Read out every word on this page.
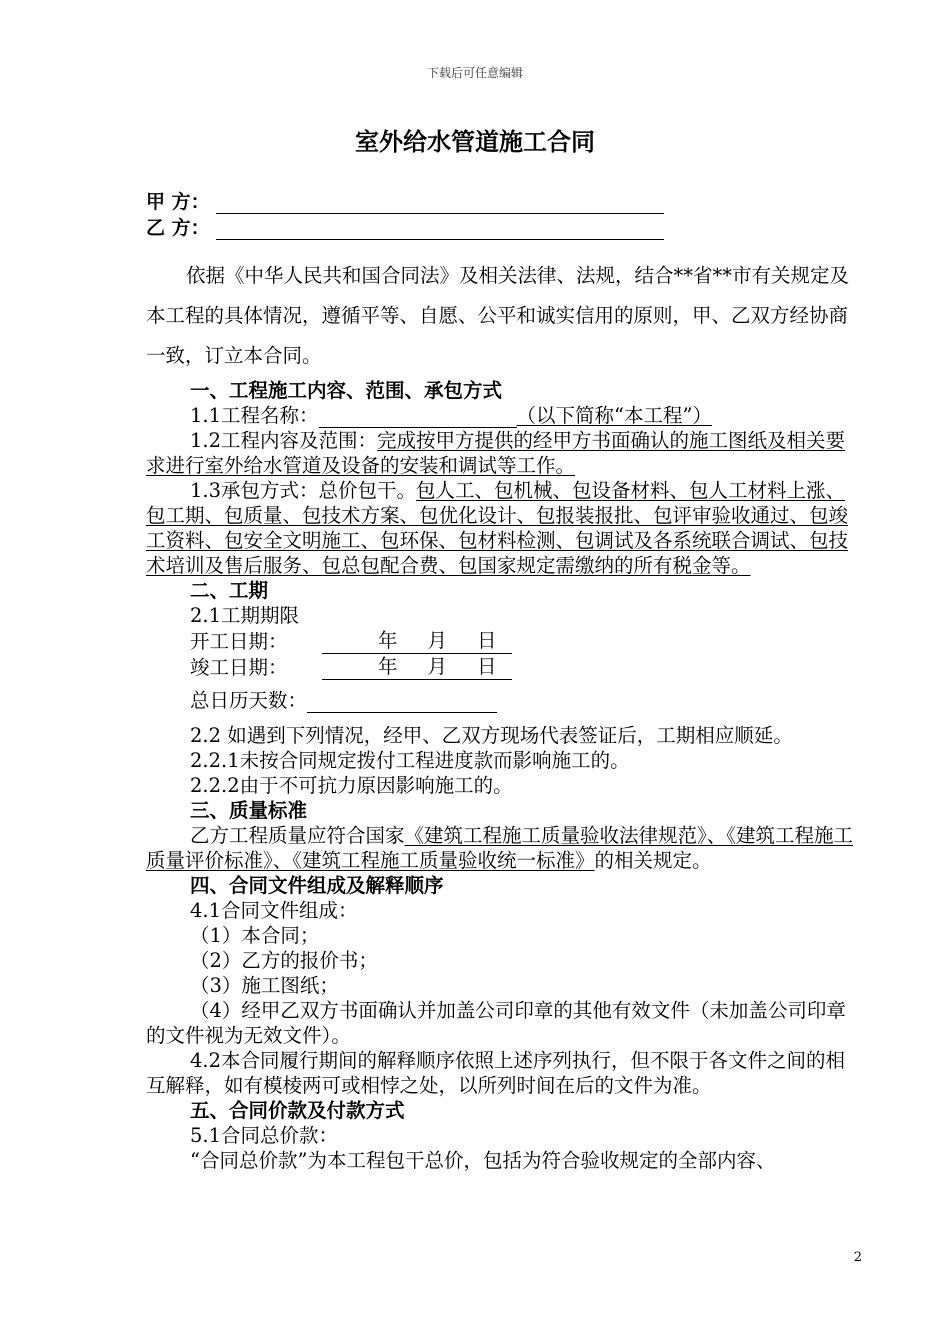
下载后可任意编辑
室外给水管道施工合同
甲 方：
乙 方：

依据《中华人民共和国合同法》及相关法律、法规，结合**省**市有关规定及本工程的具体情况，遵循平等、自愿、公平和诚实信用的原则，甲、乙双方经协商一致，订立本合同。

一、工程施工内容、范围、承包方式

1.1工程名称：	（以下简称“本工程”）

1.2工程内容及范围：完成按甲方提供的经甲方书面确认的施工图纸及相关要求进行室外给水管道及设备的安装和调试等工作。

1.3承包方式：总价包干。包人工、包机械、包设备材料、包人工材料上涨、包工期、包质量、包技术方案、包优化设计、包报装报批、包评审验收通过、包竣工资料、包安全文明施工、包环保、包材料检测、包调试及各系统联合调试、包技术培训及售后服务、包总包配合费、包国家规定需缴纳的所有税金等。

二、工期

2.1工期期限

开工日期：	年 月 日

竣工日期：	年 月 日

总日历天数：

2.2 如遇到下列情况，经甲、乙双方现场代表签证后，工期相应顺延。

2.2.1未按合同规定拨付工程进度款而影响施工的。

2.2.2由于不可抗力原因影响施工的。

三、质量标准

乙方工程质量应符合国家《建筑工程施工质量验收法律规范》、《建筑工程施工质量评价标准》、《建筑工程施工质量验收统一标准》的相关规定。

四、合同文件组成及解释顺序

4.1合同文件组成：

（1）本合同；

（2）乙方的报价书；

（3）施工图纸；

（4）经甲乙双方书面确认并加盖公司印章的其他有效文件（未加盖公司印章的文件视为无效文件）。

4.2本合同履行期间的解释顺序依照上述序列执行，但不限于各文件之间的相互解释，如有模棱两可或相悖之处，以所列时间在后的文件为准。

五、合同价款及付款方式

5.1合同总价款：

“合同总价款”为本工程包干总价，包括为符合验收规定的全部内容、

2
